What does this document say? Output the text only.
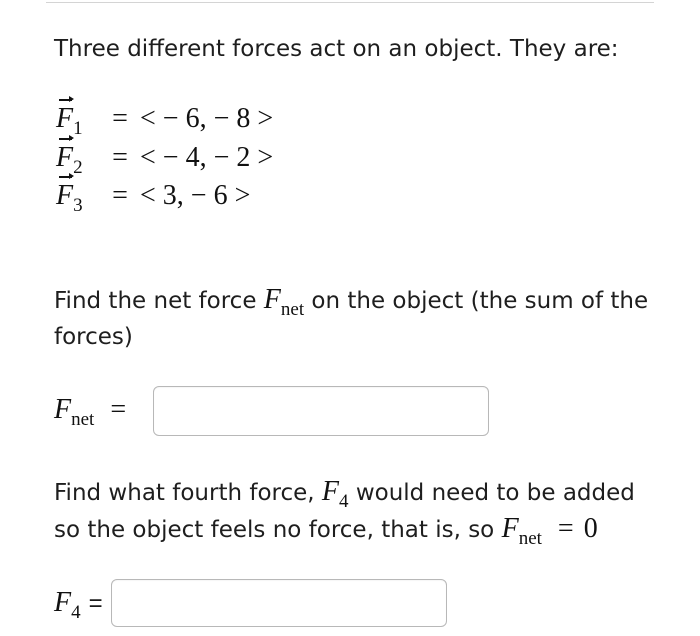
Three different forces act on an object. They are:
$F_1$ = < − 6, − 8 >
$F_2$ = < − 4, − 2 >
$F_3$ = < 3, − 6 >
Find the net force $F_{net}$ on the object (the sum of the
forces)
$F_{net}$ =
Find what fourth force, $F_4$ would need to be added
so the object feels no force, that is, so $F_{net} = 0$
$F_4$ =
